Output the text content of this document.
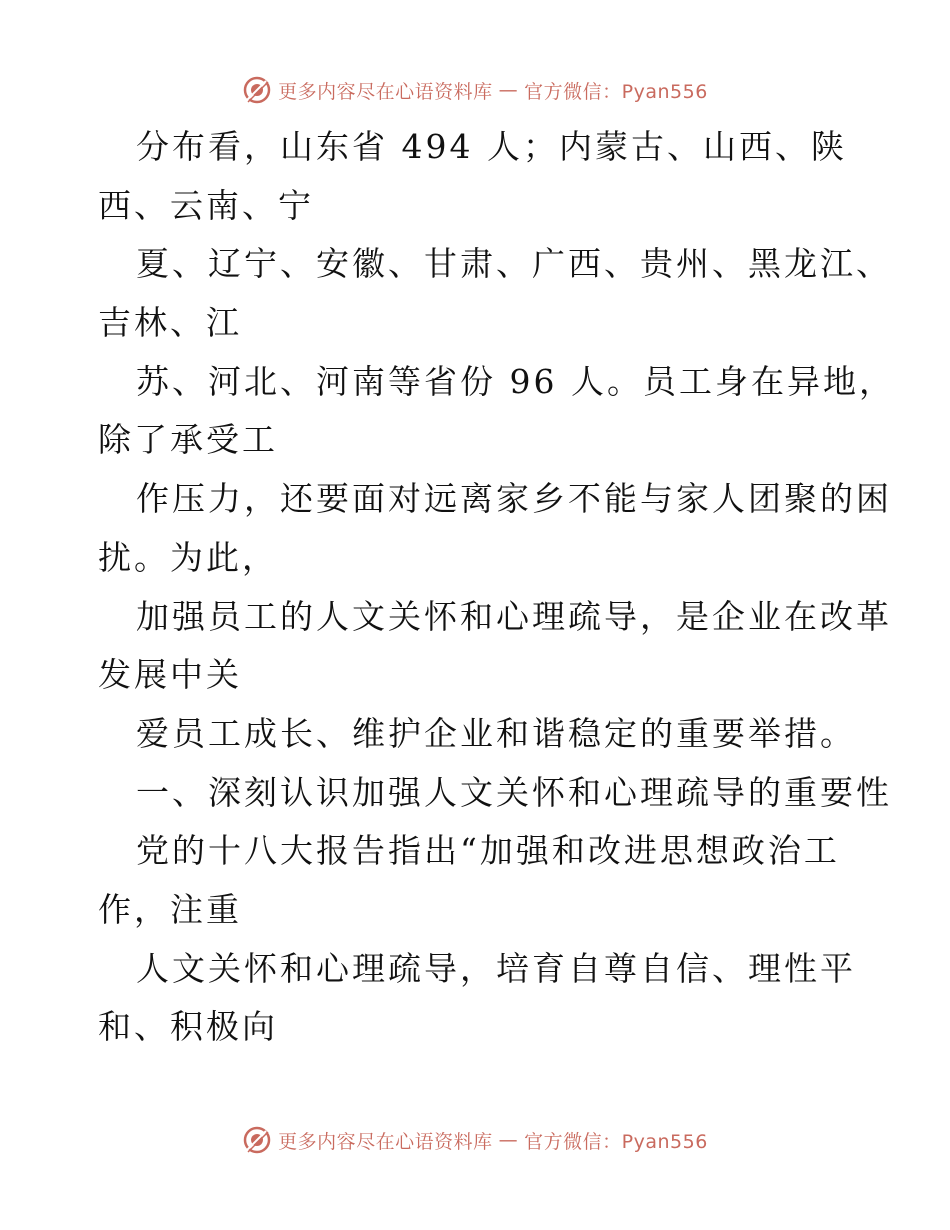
更多内容尽在心语资料库 — 官方微信：Pyan556
分布看，山东省 494 人；内蒙古、山西、陕
西、云南、宁
夏、辽宁、安徽、甘肃、广西、贵州、黑龙江、
吉林、江
苏、河北、河南等省份 96 人。员工身在异地，
除了承受工
作压力，还要面对远离家乡不能与家人团聚的困
扰。为此，
加强员工的人文关怀和心理疏导，是企业在改革
发展中关
爱员工成长、维护企业和谐稳定的重要举措。
一、深刻认识加强人文关怀和心理疏导的重要性
党的十八大报告指出“加强和改进思想政治工
作，注重
人文关怀和心理疏导，培育自尊自信、理性平
和、积极向
更多内容尽在心语资料库 — 官方微信：Pyan556
